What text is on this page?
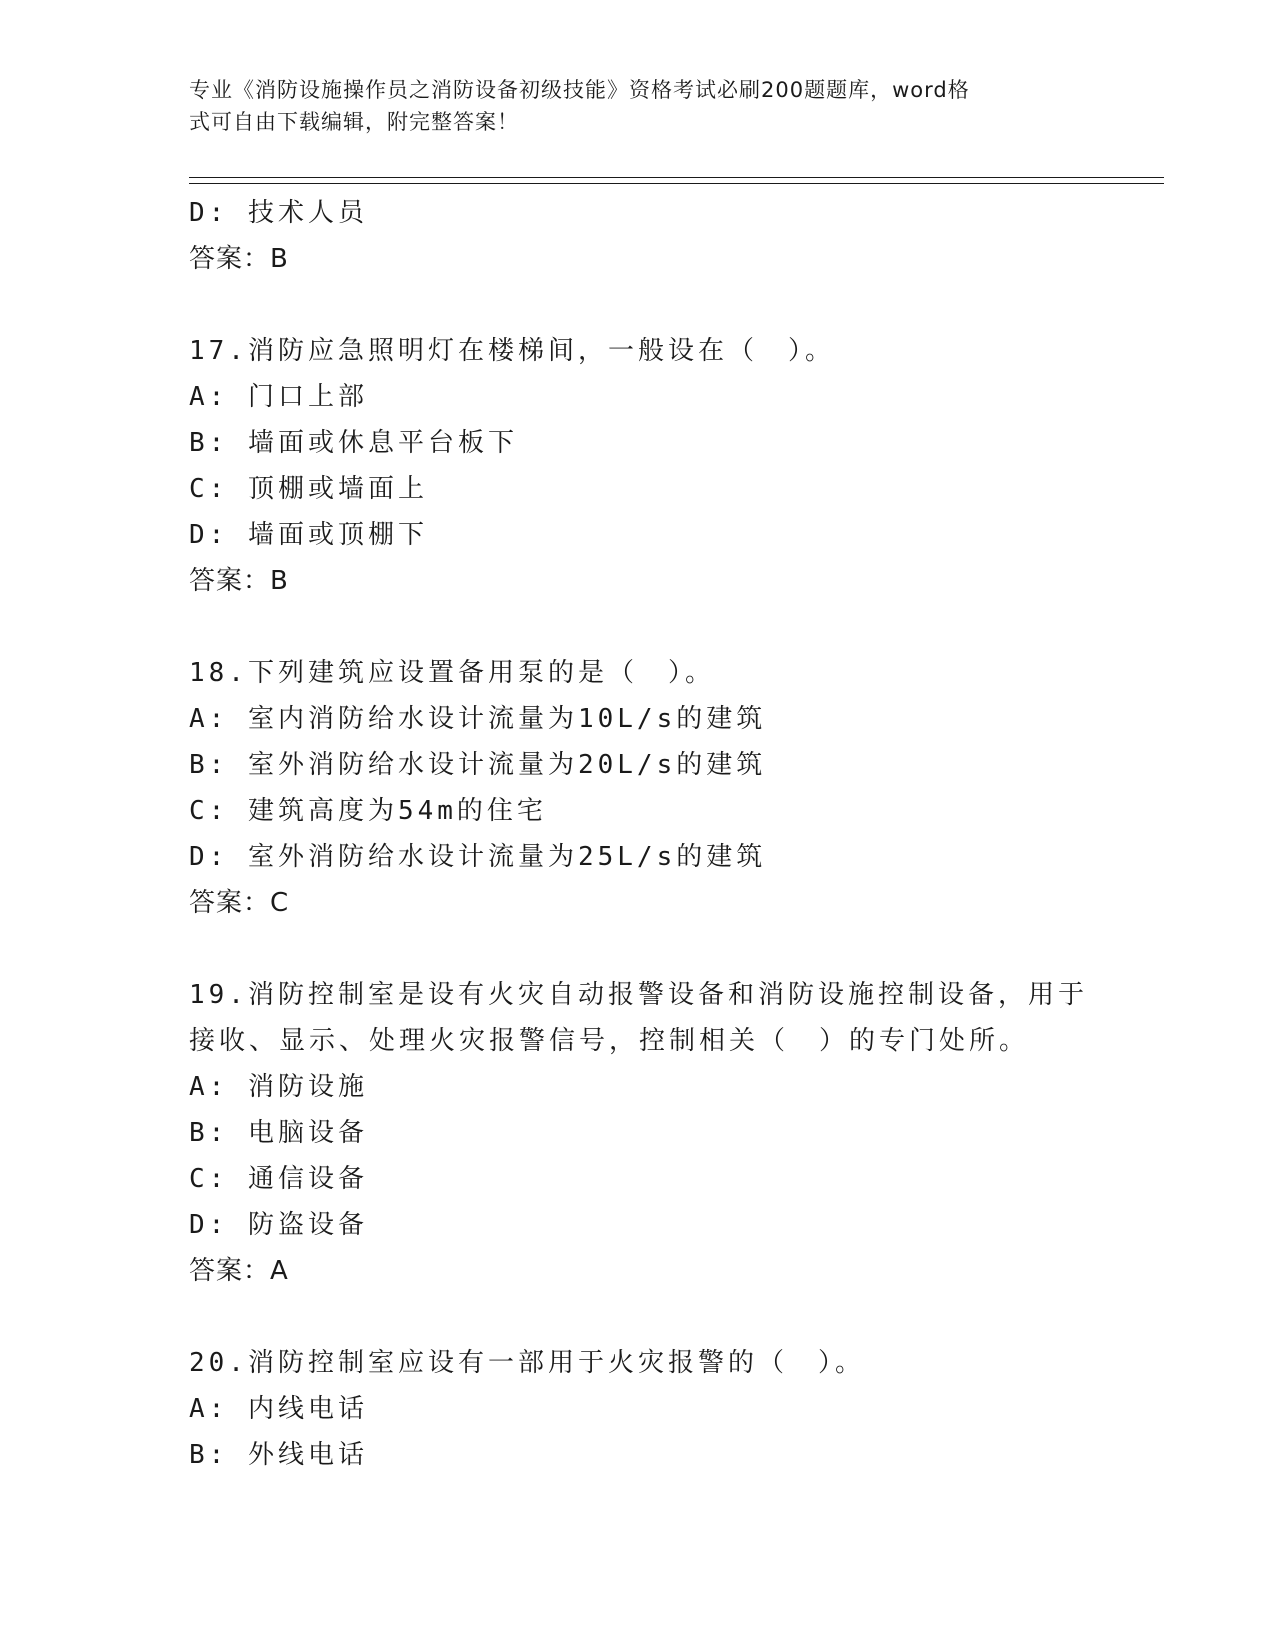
专业《消防设施操作员之消防设备初级技能》资格考试必刷200题题库，word格
式可自由下载编辑，附完整答案！
D: 技术人员
答案：B
17.消防应急照明灯在楼梯间，一般设在（　）。
A: 门口上部
B: 墙面或休息平台板下
C: 顶棚或墙面上
D: 墙面或顶棚下
答案：B
18.下列建筑应设置备用泵的是（　）。
A: 室内消防给水设计流量为10L/s的建筑
B: 室外消防给水设计流量为20L/s的建筑
C: 建筑高度为54m的住宅
D: 室外消防给水设计流量为25L/s的建筑
答案：C
19.消防控制室是设有火灾自动报警设备和消防设施控制设备，用于接收、显示、处理火灾报警信号，控制相关（　）的专门处所。
A: 消防设施
B: 电脑设备
C: 通信设备
D: 防盗设备
答案：A
20.消防控制室应设有一部用于火灾报警的（　）。
A: 内线电话
B: 外线电话
